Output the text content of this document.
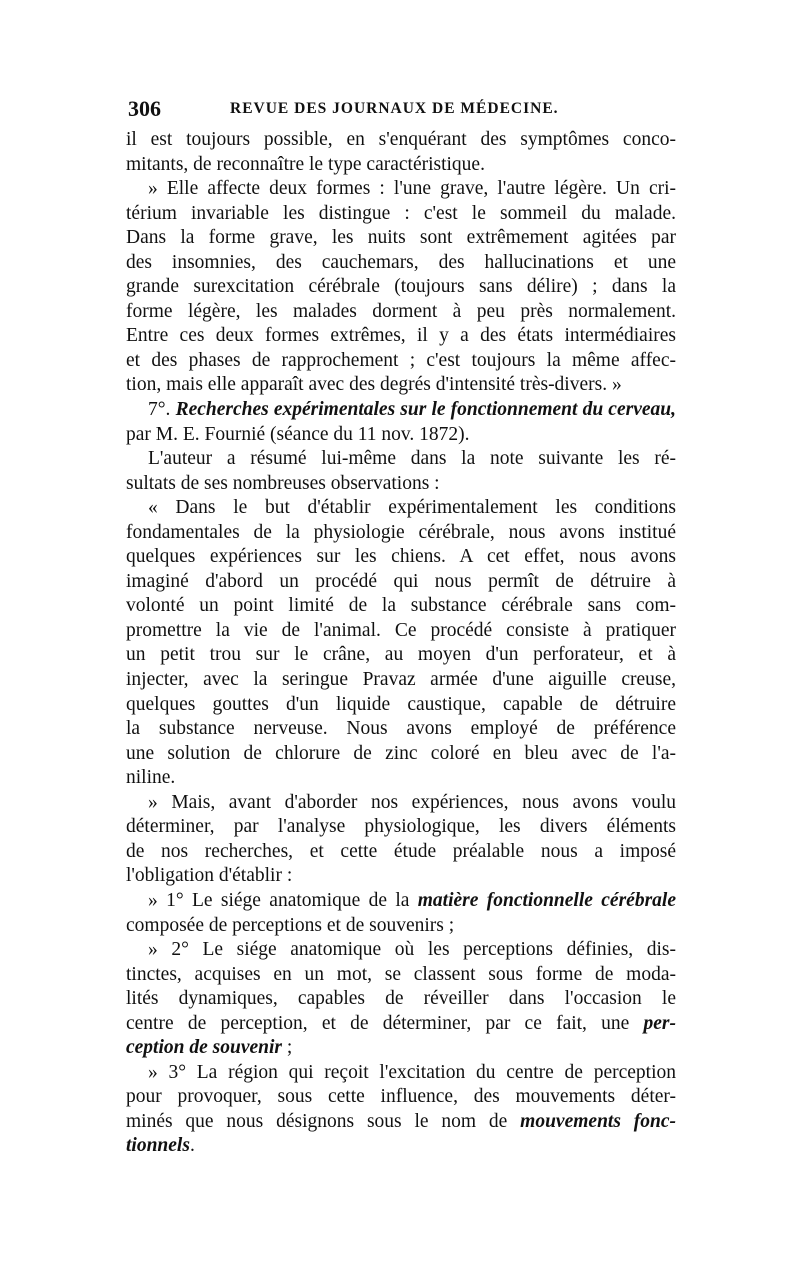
306	REVUE DES JOURNAUX DE MÉDECINE.
il est toujours possible, en s'enquérant des symptômes conco-
mitants, de reconnaître le type caractéristique.
» Elle affecte deux formes : l'une grave, l'autre légère. Un cri-
térium invariable les distingue : c'est le sommeil du malade.
Dans la forme grave, les nuits sont extrêmement agitées par
des insomnies, des cauchemars, des hallucinations et une
grande surexcitation cérébrale (toujours sans délire) ; dans la
forme légère, les malades dorment à peu près normalement.
Entre ces deux formes extrêmes, il y a des états intermédiaires
et des phases de rapprochement ; c'est toujours la même affec-
tion, mais elle apparaît avec des degrés d'intensité très-divers. »
7°. Recherches expérimentales sur le fonctionnement du cerveau,
par M. E. Fournié (séance du 11 nov. 1872).
L'auteur a résumé lui-même dans la note suivante les ré-
sultats de ses nombreuses observations :
« Dans le but d'établir expérimentalement les conditions
fondamentales de la physiologie cérébrale, nous avons institué
quelques expériences sur les chiens. A cet effet, nous avons
imaginé d'abord un procédé qui nous permît de détruire à
volonté un point limité de la substance cérébrale sans com-
promettre la vie de l'animal. Ce procédé consiste à pratiquer
un petit trou sur le crâne, au moyen d'un perforateur, et à
injecter, avec la seringue Pravaz armée d'une aiguille creuse,
quelques gouttes d'un liquide caustique, capable de détruire
la substance nerveuse. Nous avons employé de préférence
une solution de chlorure de zinc coloré en bleu avec de l'a-
niline.
» Mais, avant d'aborder nos expériences, nous avons voulu
déterminer, par l'analyse physiologique, les divers éléments
de nos recherches, et cette étude préalable nous a imposé
l'obligation d'établir :
» 1° Le siége anatomique de la matière fonctionnelle cérébrale
composée de perceptions et de souvenirs ;
» 2° Le siége anatomique où les perceptions définies, dis-
tinctes, acquises en un mot, se classent sous forme de moda-
lités dynamiques, capables de réveiller dans l'occasion le
centre de perception, et de déterminer, par ce fait, une per-
ception de souvenir ;
» 3° La région qui reçoit l'excitation du centre de perception
pour provoquer, sous cette influence, des mouvements déter-
minés que nous désignons sous le nom de mouvements fonc-
tionnels.
